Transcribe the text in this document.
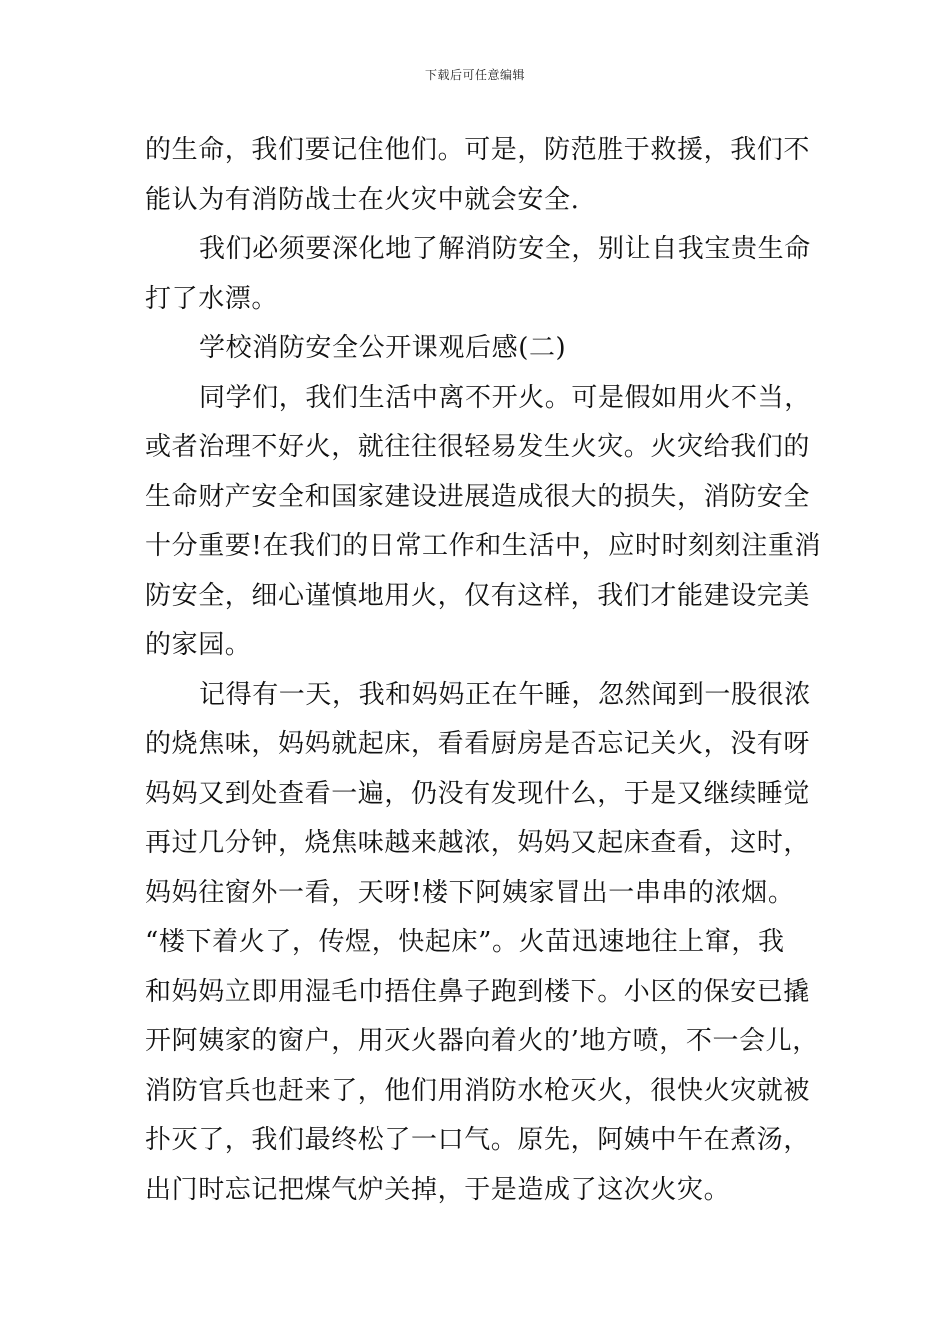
下载后可任意编辑
的生命，我们要记住他们。可是，防范胜于救援，我们不
能认为有消防战士在火灾中就会安全.
我们必须要深化地了解消防安全，别让自我宝贵生命
打了水漂。
学校消防安全公开课观后感(二)
同学们，我们生活中离不开火。可是假如用火不当，
或者治理不好火，就往往很轻易发生火灾。火灾给我们的
生命财产安全和国家建设进展造成很大的损失，消防安全
十分重要!在我们的日常工作和生活中，应时时刻刻注重消
防安全，细心谨慎地用火，仅有这样，我们才能建设完美
的家园。
记得有一天，我和妈妈正在午睡，忽然闻到一股很浓
的烧焦味，妈妈就起床，看看厨房是否忘记关火，没有呀
妈妈又到处查看一遍，仍没有发现什么，于是又继续睡觉
再过几分钟，烧焦味越来越浓，妈妈又起床查看，这时，
妈妈往窗外一看，天呀!楼下阿姨家冒出一串串的浓烟。
“楼下着火了，传煜，快起床”。火苗迅速地往上窜，我
和妈妈立即用湿毛巾捂住鼻子跑到楼下。小区的保安已撬
开阿姨家的窗户，用灭火器向着火的’地方喷，不一会儿，
消防官兵也赶来了，他们用消防水枪灭火，很快火灾就被
扑灭了，我们最终松了一口气。原先，阿姨中午在煮汤，
出门时忘记把煤气炉关掉，于是造成了这次火灾。
